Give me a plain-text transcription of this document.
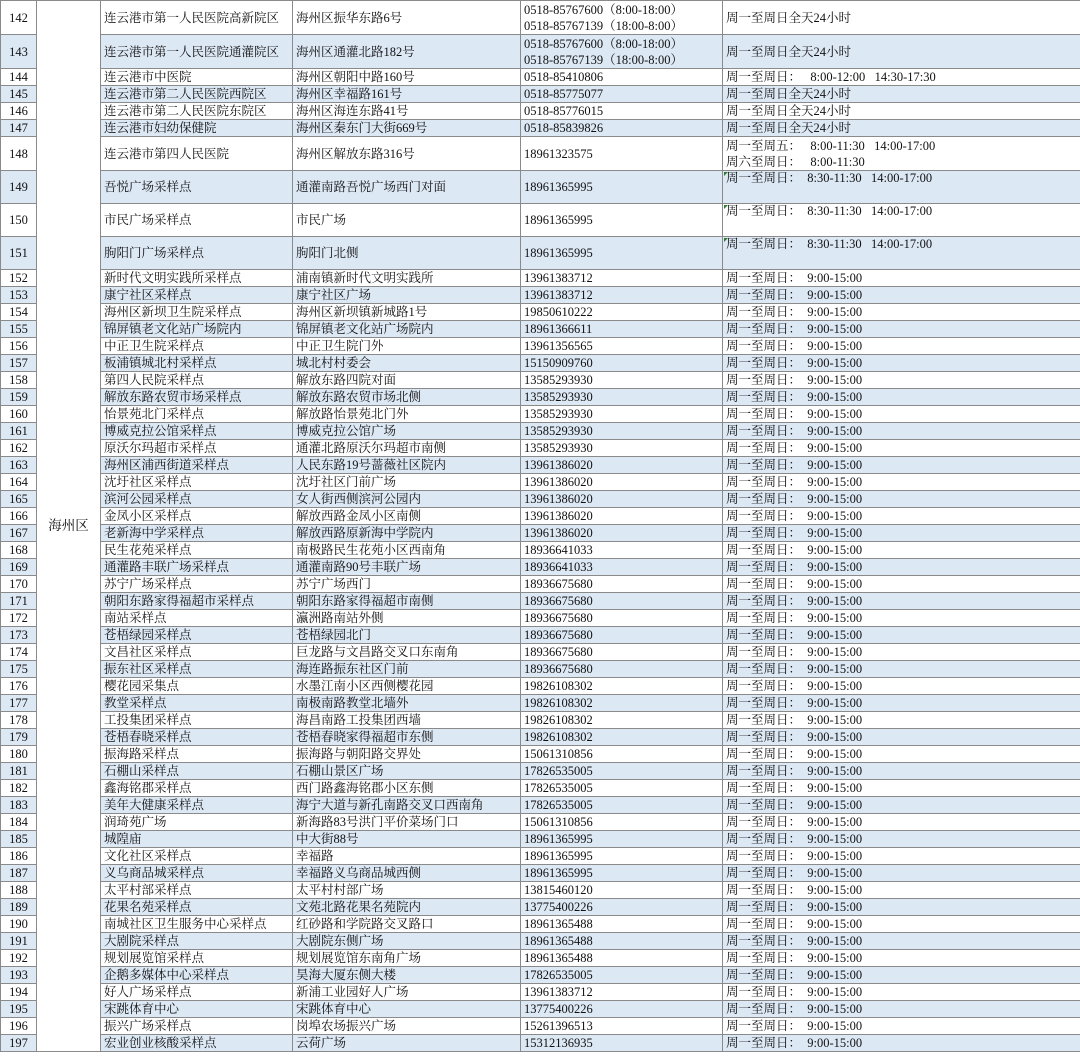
142	海州区	连云港市第一人民医院高新院区	海州区振华东路6号	0518-85767600（8:00-18:00）
0518-85767139（18:00-8:00）	周一至周日全天24小时

143		连云港市第一人民医院通灌院区	海州区通灌北路182号	0518-85767600（8:00-18:00）
0518-85767139（18:00-8:00）	周一至周日全天24小时

144		连云港市中医院	海州区朝阳中路160号	0518-85410806	周一至周日：   8:00-12:00   14:30-17:30

145		连云港市第二人民医院西院区	海州区幸福路161号	0518-85775077	周一至周日全天24小时

146		连云港市第二人民医院东院区	海州区海连东路41号	0518-85776015	周一至周日全天24小时

147		连云港市妇幼保健院	海州区秦东门大街669号	0518-85839826	周一至周日全天24小时

148		连云港市第四人民医院	海州区解放东路316号	18961323575	周一至周五：   8:00-11:30   14:00-17:00
周六至周日：   8:00-11:30

149		吾悦广场采样点	通灌南路吾悦广场西门对面	18961365995	周一至周日：  8:30-11:30   14:00-17:00

150		市民广场采样点	市民广场	18961365995	周一至周日：  8:30-11:30   14:00-17:00

151		朐阳门广场采样点	朐阳门北侧	18961365995	周一至周日：  8:30-11:30   14:00-17:00

152		新时代文明实践所采样点	浦南镇新时代文明实践所	13961383712	周一至周日：  9:00-15:00

153		康宁社区采样点	康宁社区广场	13961383712	周一至周日：  9:00-15:00

154		海州区新坝卫生院采样点	海州区新坝镇新城路1号	19850610222	周一至周日：  9:00-15:00

155		锦屏镇老文化站广场院内	锦屏镇老文化站广场院内	18961366611	周一至周日：  9:00-15:00

156		中正卫生院采样点	中正卫生院门外	13961356565	周一至周日：  9:00-15:00

157		板浦镇城北村采样点	城北村村委会	15150909760	周一至周日：  9:00-15:00

158		第四人民院采样点	解放东路四院对面	13585293930	周一至周日：  9:00-15:00

159		解放东路农贸市场采样点	解放东路农贸市场北侧	13585293930	周一至周日：  9:00-15:00

160		怡景苑北门采样点	解放路怡景苑北门外	13585293930	周一至周日：  9:00-15:00

161		博威克拉公馆采样点	博威克拉公馆广场	13585293930	周一至周日：  9:00-15:00

162		原沃尔玛超市采样点	通灌北路原沃尔玛超市南侧	13585293930	周一至周日：  9:00-15:00

163		海州区浦西街道采样点	人民东路19号蔷薇社区院内	13961386020	周一至周日：  9:00-15:00

164		沈圩社区采样点	沈圩社区门前广场	13961386020	周一至周日：  9:00-15:00

165		滨河公园采样点	女人街西侧滨河公园内	13961386020	周一至周日：  9:00-15:00

166		金凤小区采样点	解放西路金凤小区南侧	13961386020	周一至周日：  9:00-15:00

167		老新海中学采样点	解放西路原新海中学院内	13961386020	周一至周日：  9:00-15:00

168		民生花苑采样点	南极路民生花苑小区西南角	18936641033	周一至周日：  9:00-15:00

169		通灌路丰联广场采样点	通灌南路90号丰联广场	18936641033	周一至周日：  9:00-15:00

170		苏宁广场采样点	苏宁广场西门	18936675680	周一至周日：  9:00-15:00

171		朝阳东路家得福超市采样点	朝阳东路家得福超市南侧	18936675680	周一至周日：  9:00-15:00

172		南站采样点	瀛洲路南站外侧	18936675680	周一至周日：  9:00-15:00

173		苍梧绿园采样点	苍梧绿园北门	18936675680	周一至周日：  9:00-15:00

174		文昌社区采样点	巨龙路与文昌路交叉口东南角	18936675680	周一至周日：  9:00-15:00

175		振东社区采样点	海连路振东社区门前	18936675680	周一至周日：  9:00-15:00

176		樱花园采集点	水墨江南小区西侧樱花园	19826108302	周一至周日：  9:00-15:00

177		教堂采样点	南极南路教堂北墙外	19826108302	周一至周日：  9:00-15:00

178		工投集团采样点	海昌南路工投集团西墙	19826108302	周一至周日：  9:00-15:00

179		苍梧春晓采样点	苍梧春晓家得福超市东侧	19826108302	周一至周日：  9:00-15:00

180		振海路采样点	振海路与朝阳路交界处	15061310856	周一至周日：  9:00-15:00

181		石棚山采样点	石棚山景区广场	17826535005	周一至周日：  9:00-15:00

182		鑫海铭郡采样点	西门路鑫海铭郡小区东侧	17826535005	周一至周日：  9:00-15:00

183		美年大健康采样点	海宁大道与新孔南路交叉口西南角	17826535005	周一至周日：  9:00-15:00

184		润琦苑广场	新海路83号洪门平价菜场门口	15061310856	周一至周日：  9:00-15:00

185		城隍庙	中大街88号	18961365995	周一至周日：  9:00-15:00

186		文化社区采样点	幸福路	18961365995	周一至周日：  9:00-15:00

187		义乌商品城采样点	幸福路义乌商品城西侧	18961365995	周一至周日：  9:00-15:00

188		太平村部采样点	太平村村部广场	13815460120	周一至周日：  9:00-15:00

189		花果名苑采样点	文苑北路花果名苑院内	13775400226	周一至周日：  9:00-15:00

190		南城社区卫生服务中心采样点	红砂路和学院路交叉路口	18961365488	周一至周日：  9:00-15:00

191		大剧院采样点	大剧院东侧广场	18961365488	周一至周日：  9:00-15:00

192		规划展览馆采样点	规划展览馆东南角广场	18961365488	周一至周日：  9:00-15:00

193		企鹅多媒体中心采样点	昊海大厦东侧大楼	17826535005	周一至周日：  9:00-15:00

194		好人广场采样点	新浦工业园好人广场	13961383712	周一至周日：  9:00-15:00

195		宋跳体育中心	宋跳体育中心	13775400226	周一至周日：  9:00-15:00

196		振兴广场采样点	岗埠农场振兴广场	15261396513	周一至周日：  9:00-15:00

197		宏业创业核酸采样点	云荷广场	15312136935	周一至周日：  9:00-15:00
